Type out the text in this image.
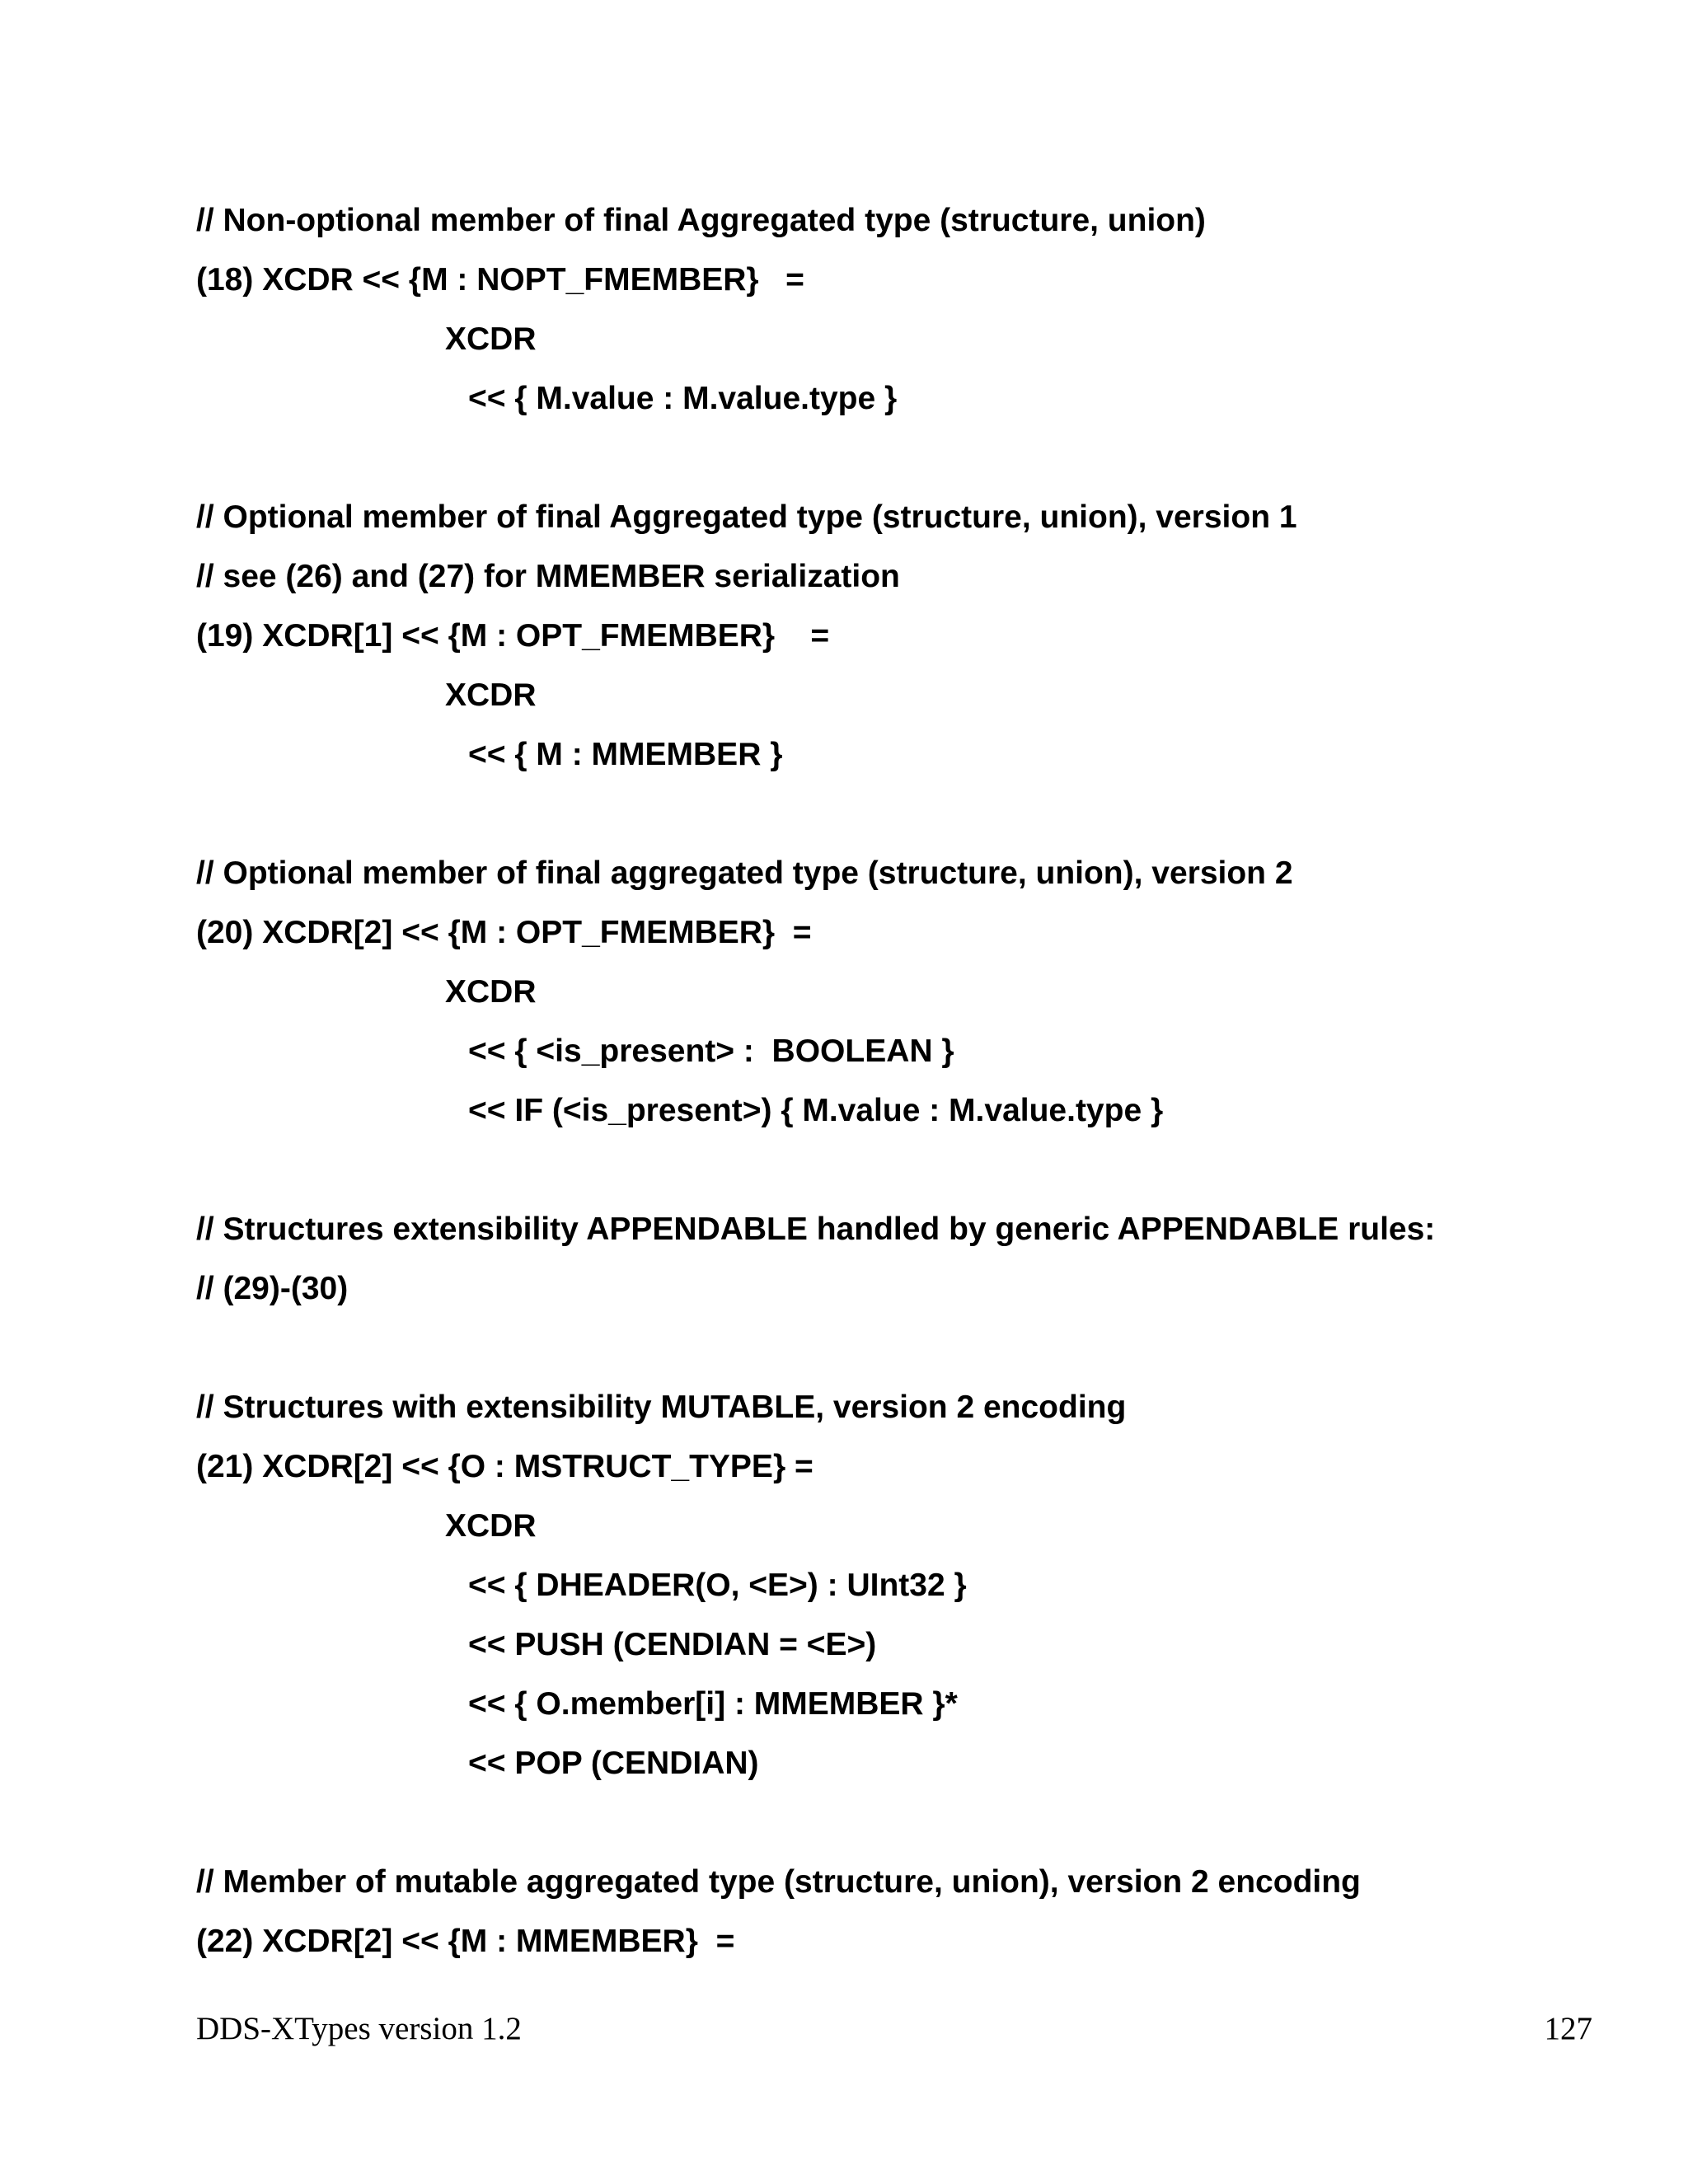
// Non-optional member of final Aggregated type (structure, union)
(18) XCDR << {M : NOPT_FMEMBER}   =
XCDR
<< { M.value : M.value.type }
// Optional member of final Aggregated type (structure, union), version 1
// see (26) and (27) for MMEMBER serialization
(19) XCDR[1] << {M : OPT_FMEMBER}    =
XCDR
<< { M : MMEMBER }
// Optional member of final aggregated type (structure, union), version 2
(20) XCDR[2] << {M : OPT_FMEMBER}  =
XCDR
<< { <is_present> :  BOOLEAN }
<< IF (<is_present>) { M.value : M.value.type }
// Structures extensibility APPENDABLE handled by generic APPENDABLE rules:
// (29)-(30)
// Structures with extensibility MUTABLE, version 2 encoding
(21) XCDR[2] << {O : MSTRUCT_TYPE} =
XCDR
<< { DHEADER(O, <E>) : UInt32 }
<< PUSH (CENDIAN = <E>)
<< { O.member[i] : MMEMBER }*
<< POP (CENDIAN)
// Member of mutable aggregated type (structure, union), version 2 encoding
(22) XCDR[2] << {M : MMEMBER}  =
DDS-XTypes version 1.2	127
